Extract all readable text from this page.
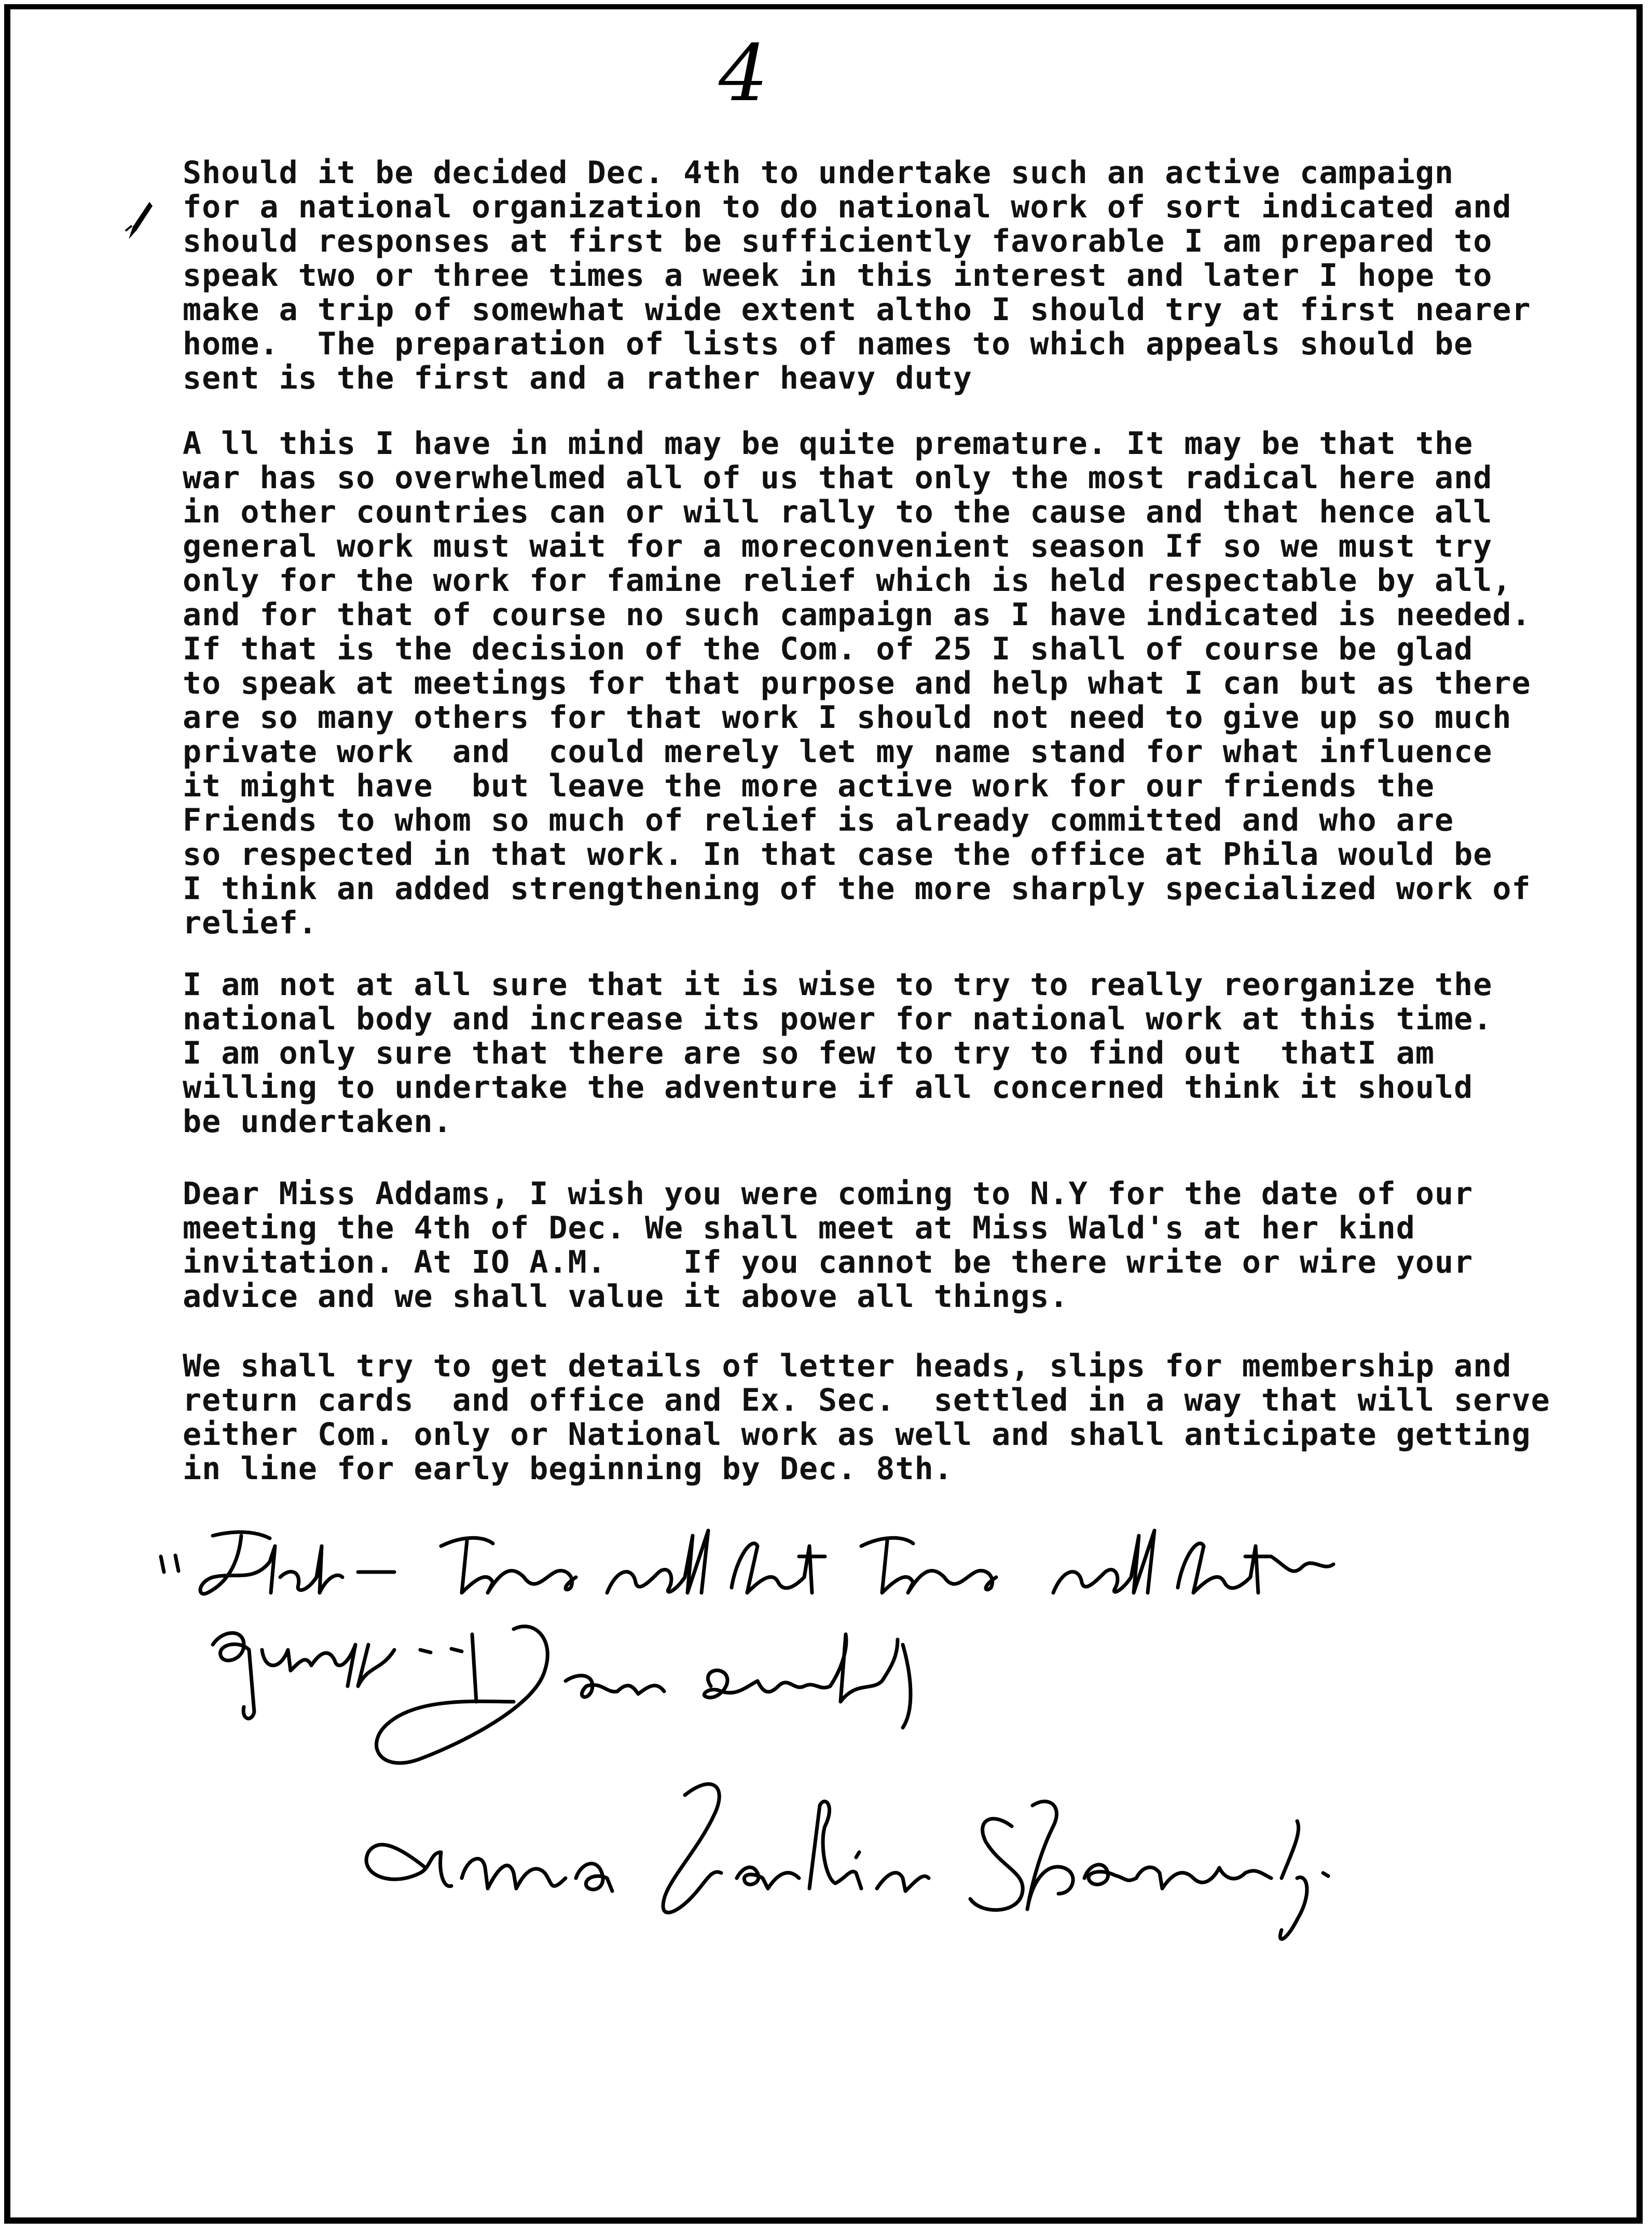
4
Should it be decided Dec. 4th to undertake such an active campaign
for a national organization to do national work of sort indicated and
should responses at first be sufficiently favorable I am prepared to
speak two or three times a week in this interest and later I hope to
make a trip of somewhat wide extent altho I should try at first nearer
home.  The preparation of lists of names to which appeals should be
sent is the first and a rather heavy duty
A ll this I have in mind may be quite premature. It may be that the
war has so overwhelmed all of us that only the most radical here and
in other countries can or will rally to the cause and that hence all
general work must wait for a moreconvenient season If so we must try
only for the work for famine relief which is held respectable by all,
and for that of course no such campaign as I have indicated is needed.
If that is the decision of the Com. of 25 I shall of course be glad
to speak at meetings for that purpose and help what I can but as there
are so many others for that work I should not need to give up so much
private work  and  could merely let my name stand for what influence
it might have  but leave the more active work for our friends the
Friends to whom so much of relief is already committed and who are
so respected in that work. In that case the office at Phila would be
I think an added strengthening of the more sharply specialized work of
relief.
I am not at all sure that it is wise to try to really reorganize the
national body and increase its power for national work at this time.
I am only sure that there are so few to try to find out  thatI am
willing to undertake the adventure if all concerned think it should
be undertaken.
Dear Miss Addams, I wish you were coming to N.Y for the date of our
meeting the 4th of Dec. We shall meet at Miss Wald's at her kind
invitation. At IO A.M.    If you cannot be there write or wire your
advice and we shall value it above all things.
We shall try to get details of letter heads, slips for membership and
return cards  and office and Ex. Sec.  settled in a way that will serve
either Com. only or National work as well and shall anticipate getting
in line for early beginning by Dec. 8th.
